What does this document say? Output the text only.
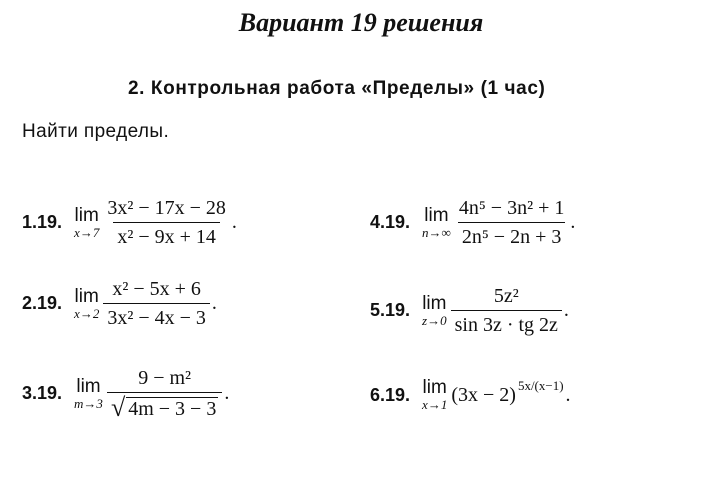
Вариант 19 решения
2. Контрольная работа «Пределы» (1 час)
Найти пределы.
1.19. lim
$x\to 7 \frac{\text{3x² − 17x − 28}}{\text{x² − 9x + 14}}$ .
2.19. lim
$x\to 2 \frac{\text{x² − 5x + 6}}{\text{3x² − 4x − 3}}$ .
3.19. lim
$m\to 3 \frac{\text{9 − m²}}{√ 4m - 3 - 3}$ .
4.19. lim
$n\to\infty \frac{\text{4n⁵ − 3n² + 1}}{\text{2n⁵ − 2n + 3}}$ .
5.19. lim
$z\to 0 \frac{\text{5z²}}{\sin 3z \cdot tg 2z}$ .
6.19. lim
x→1 (3x − 2) 5x/(x−1) .
